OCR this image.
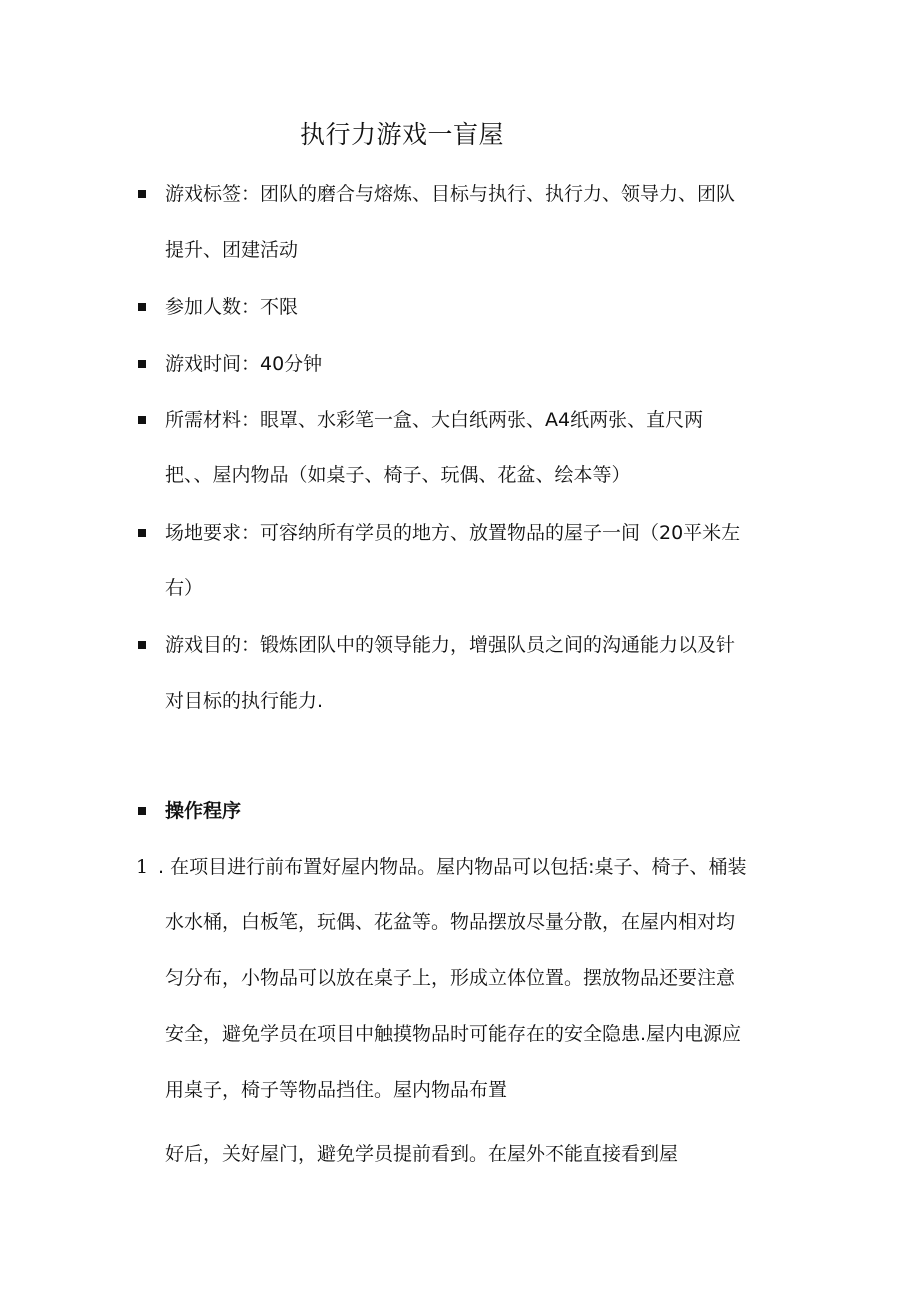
执行力游戏一盲屋
游戏标签：团队的磨合与熔炼、目标与执行、执行力、领导力、团队
提升、团建活动
参加人数：不限
游戏时间：40分钟
所需材料：眼罩、水彩笔一盒、大白纸两张、A4纸两张、直尺两
把、、屋内物品（如桌子、椅子、玩偶、花盆、绘本等）
场地要求：可容纳所有学员的地方、放置物品的屋子一间（20平米左
右）
游戏目的：锻炼团队中的领导能力，增强队员之间的沟通能力以及针
对目标的执行能力.
操作程序
1 . 在项目进行前布置好屋内物品。屋内物品可以包括:桌子、椅子、桶装
水水桶，白板笔，玩偶、花盆等。物品摆放尽量分散，在屋内相对均
匀分布，小物品可以放在桌子上，形成立体位置。摆放物品还要注意
安全，避免学员在项目中触摸物品时可能存在的安全隐患.屋内电源应
用桌子，椅子等物品挡住。屋内物品布置
好后，关好屋门，避免学员提前看到。在屋外不能直接看到屋
